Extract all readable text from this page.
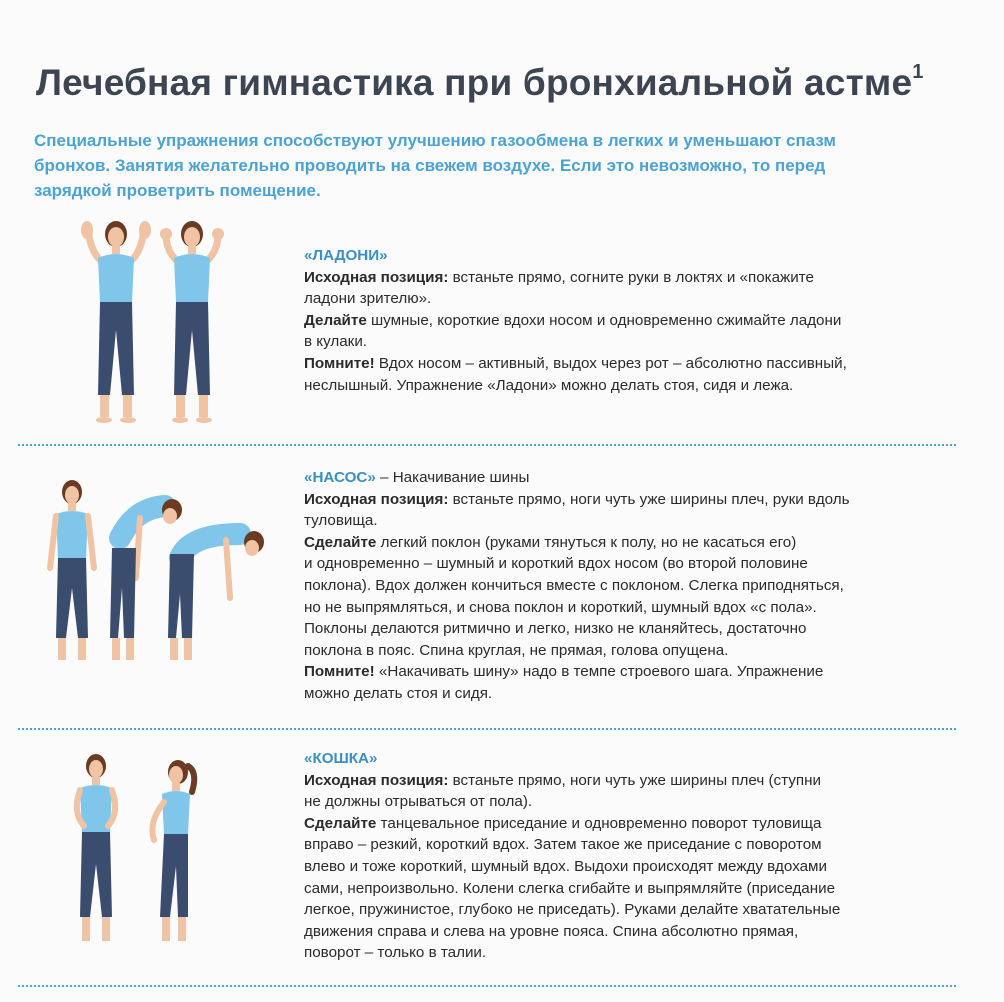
Лечебная гимнастика при бронхиальной астме$^1$
Специальные упражнения способствуют улучшению газообмена в легких и уменьшают спазм
бронхов. Занятия желательно проводить на свежем воздухе. Если это невозможно, то перед
зарядкой проветрить помещение.
«ЛАДОНИ»
Исходная позиция: встаньте прямо, согните руки в локтях и «покажите
ладони зрителю».
Делайте шумные, короткие вдохи носом и одновременно сжимайте ладони
в кулаки.
Помните! Вдох носом – активный, выдох через рот – абсолютно пассивный,
неслышный. Упражнение «Ладони» можно делать стоя, сидя и лежа.
«НАСОС» – Накачивание шины
Исходная позиция: встаньте прямо, ноги чуть уже ширины плеч, руки вдоль
туловища.
Сделайте легкий поклон (руками тянуться к полу, но не касаться его)
и одновременно – шумный и короткий вдох носом (во второй половине
поклона). Вдох должен кончиться вместе с поклоном. Слегка приподняться,
но не выпрямляться, и снова поклон и короткий, шумный вдох «с пола».
Поклоны делаются ритмично и легко, низко не кланяйтесь, достаточно
поклона в пояс. Спина круглая, не прямая, голова опущена.
Помните! «Накачивать шину» надо в темпе строевого шага. Упражнение
можно делать стоя и сидя.
«КОШКА»
Исходная позиция: встаньте прямо, ноги чуть уже ширины плеч (ступни
не должны отрываться от пола).
Сделайте танцевальное приседание и одновременно поворот туловища
вправо – резкий, короткий вдох. Затем такое же приседание с поворотом
влево и тоже короткий, шумный вдох. Выдохи происходят между вдохами
сами, непроизвольно. Колени слегка сгибайте и выпрямляйте (приседание
легкое, пружинистое, глубоко не приседать). Руками делайте хватательные
движения справа и слева на уровне пояса. Спина абсолютно прямая,
поворот – только в талии.
